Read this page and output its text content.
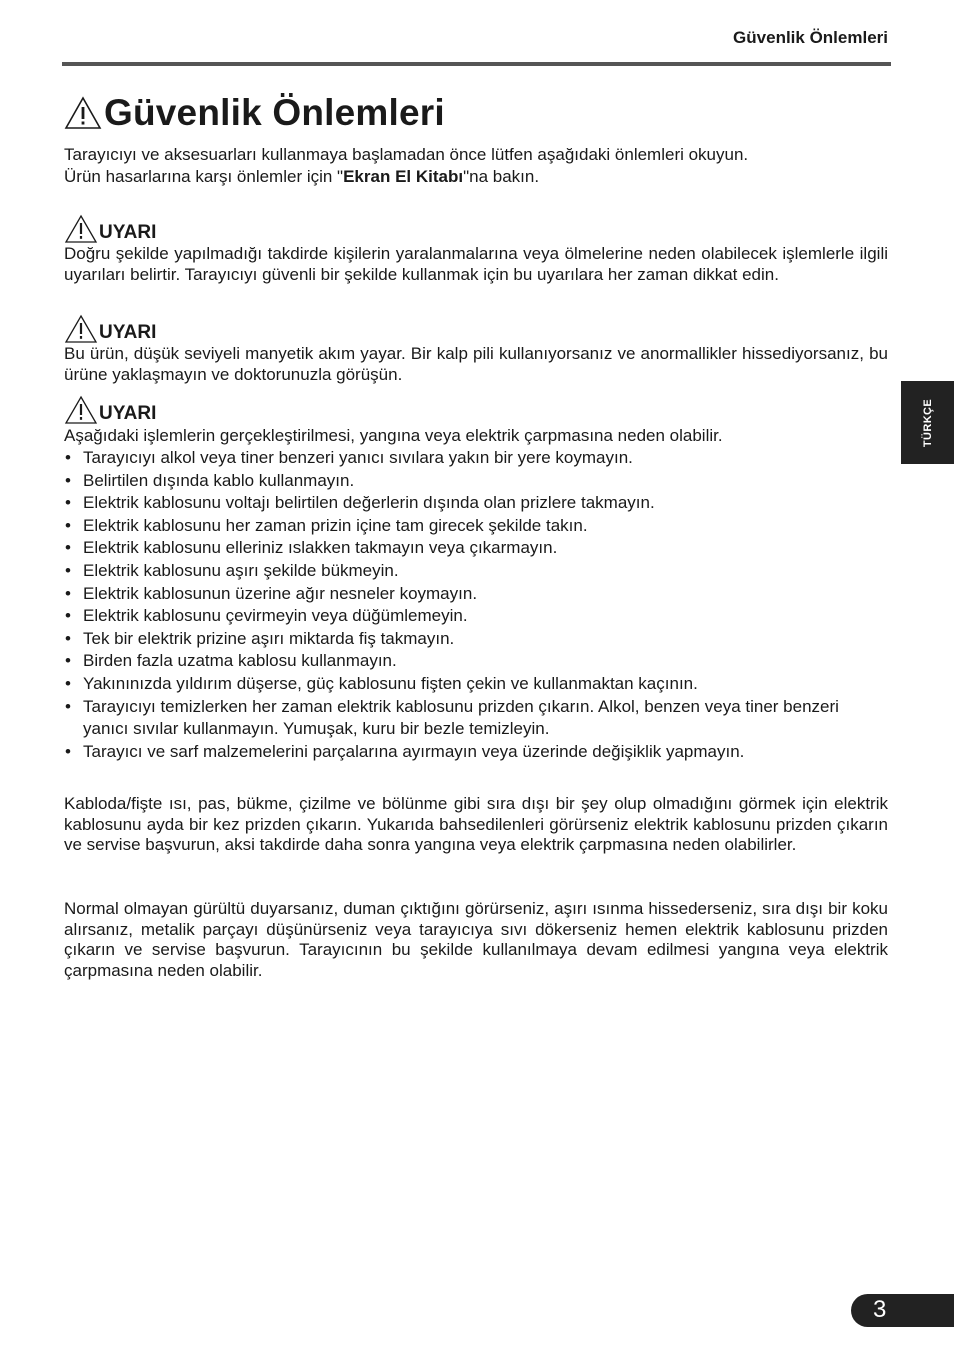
Güvenlik Önlemleri
Güvenlik Önlemleri

Tarayıcıyı ve aksesuarları kullanmaya başlamadan önce lütfen aşağıdaki önlemleri okuyun.

Ürün hasarlarına karşı önlemler için "Ekran El Kitabı"na bakın.

UYARI

Doğru şekilde yapılmadığı takdirde kişilerin yaralanmalarına veya ölmelerine neden olabilecek işlemlerle ilgili uyarıları belirtir. Tarayıcıyı güvenli bir şekilde kullanmak için bu uyarılara her zaman dikkat edin.

UYARI

Bu ürün, düşük seviyeli manyetik akım yayar. Bir kalp pili kullanıyorsanız ve anormallikler hissediyorsanız, bu ürüne yaklaşmayın ve doktorunuzla görüşün.

UYARI

Aşağıdaki işlemlerin gerçekleştirilmesi, yangına veya elektrik çarpmasına neden olabilir.

• Tarayıcıyı alkol veya tiner benzeri yanıcı sıvılara yakın bir yere koymayın.
• Belirtilen dışında kablo kullanmayın.
• Elektrik kablosunu voltajı belirtilen değerlerin dışında olan prizlere takmayın.
• Elektrik kablosunu her zaman prizin içine tam girecek şekilde takın.
• Elektrik kablosunu elleriniz ıslakken takmayın veya çıkarmayın.
• Elektrik kablosunu aşırı şekilde bükmeyin.
• Elektrik kablosunun üzerine ağır nesneler koymayın.
• Elektrik kablosunu çevirmeyin veya düğümlemeyin.
• Tek bir elektrik prizine aşırı miktarda fiş takmayın.
• Birden fazla uzatma kablosu kullanmayın.
• Yakınınızda yıldırım düşerse, güç kablosunu fişten çekin ve kullanmaktan kaçının.
• Tarayıcıyı temizlerken her zaman elektrik kablosunu prizden çıkarın. Alkol, benzen veya tiner benzeri yanıcı sıvılar kullanmayın. Yumuşak, kuru bir bezle temizleyin.
• Tarayıcı ve sarf malzemelerini parçalarına ayırmayın veya üzerinde değişiklik yapmayın.

Kabloda/fişte ısı, pas, bükme, çizilme ve bölünme gibi sıra dışı bir şey olup olmadığını görmek için elektrik kablosunu ayda bir kez prizden çıkarın. Yukarıda bahsedilenleri görürseniz elektrik kablosunu prizden çıkarın ve servise başvurun, aksi takdirde daha sonra yangına veya elektrik çarpmasına neden olabilirler.

Normal olmayan gürültü duyarsanız, duman çıktığını görürseniz, aşırı ısınma hissederseniz, sıra dışı bir koku alırsanız, metalik parçayı düşünürseniz veya tarayıcıya sıvı dökerseniz hemen elektrik kablosunu prizden çıkarın ve servise başvurun. Tarayıcının bu şekilde kullanılmaya devam edilmesi yangına veya elektrik çarpmasına neden olabilir.

TÜRKÇE
3
